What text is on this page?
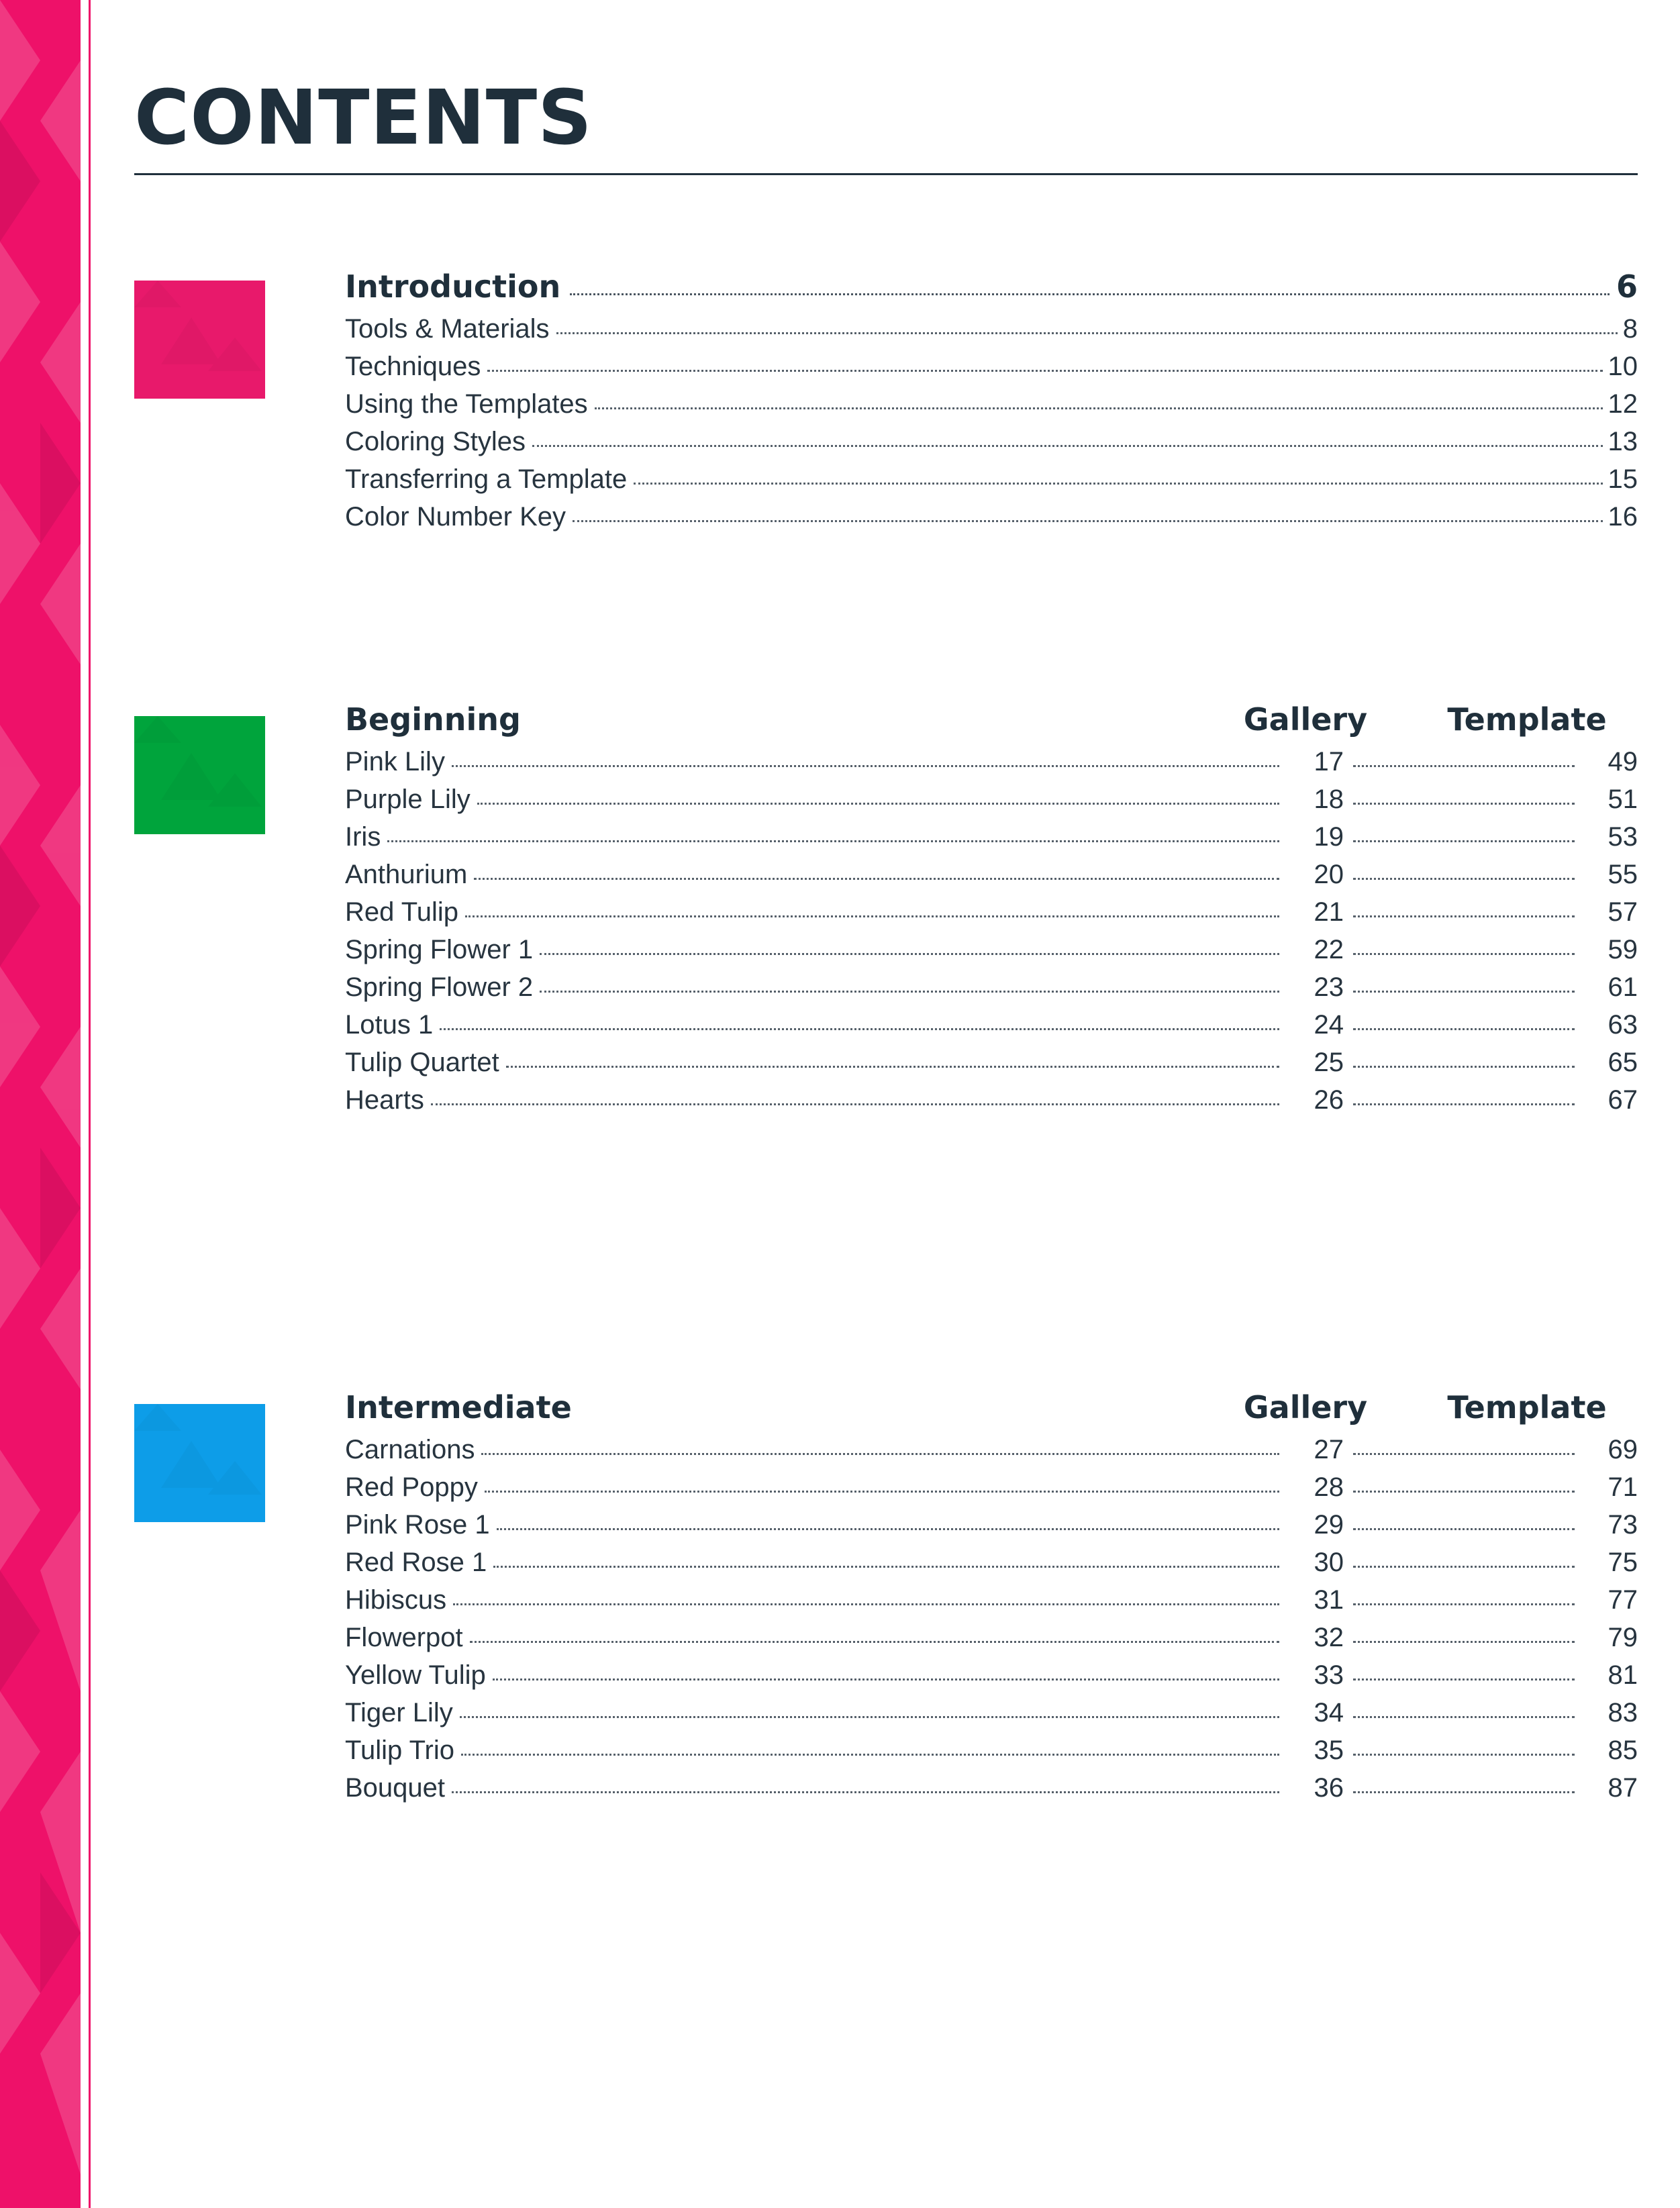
CONTENTS
Introduction	6
Tools & Materials	8
Techniques	10
Using the Templates	12
Coloring Styles	13
Transferring a Template	15
Color Number Key	16
Beginning	Gallery	Template
Pink Lily	17	49
Purple Lily	18	51
Iris	19	53
Anthurium	20	55
Red Tulip	21	57
Spring Flower 1	22	59
Spring Flower 2	23	61
Lotus 1	24	63
Tulip Quartet	25	65
Hearts	26	67
Intermediate	Gallery	Template
Carnations	27	69
Red Poppy	28	71
Pink Rose 1	29	73
Red Rose 1	30	75
Hibiscus	31	77
Flowerpot	32	79
Yellow Tulip	33	81
Tiger Lily	34	83
Tulip Trio	35	85
Bouquet	36	87
